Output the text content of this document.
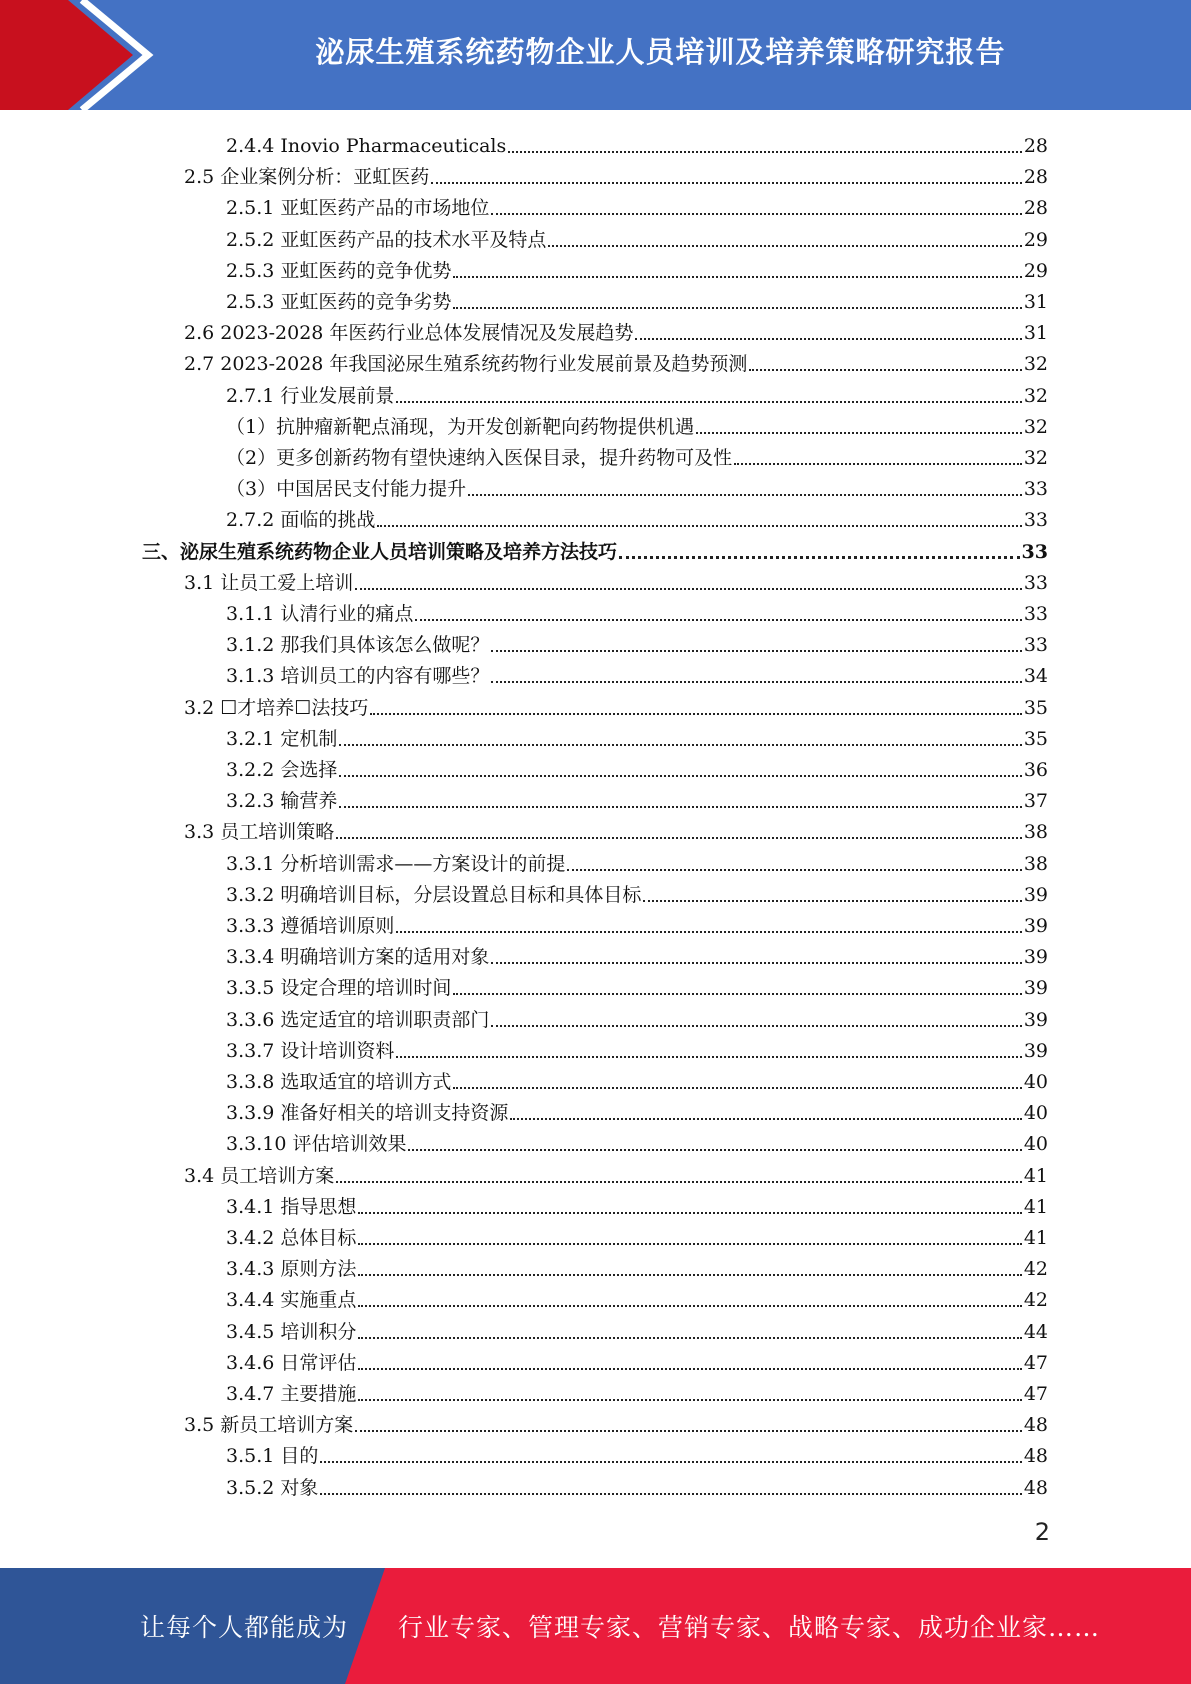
泌尿生殖系统药物企业人员培训及培养策略研究报告
2.4.4 Inovio Pharmaceuticals	28
2.5 企业案例分析：亚虹医药	28
2.5.1 亚虹医药产品的市场地位	28
2.5.2 亚虹医药产品的技术水平及特点	29
2.5.3 亚虹医药的竞争优势	29
2.5.3 亚虹医药的竞争劣势	31
2.6 2023-2028 年医药行业总体发展情况及发展趋势	31
2.7 2023-2028 年我国泌尿生殖系统药物行业发展前景及趋势预测	32
2.7.1 行业发展前景	32
（1）抗肿瘤新靶点涌现，为开发创新靶向药物提供机遇	32
（2）更多创新药物有望快速纳入医保目录，提升药物可及性	32
（3）中国居民支付能力提升	33
2.7.2 面临的挑战	33
三、泌尿生殖系统药物企业人员培训策略及培养方法技巧	33
3.1 让员工爱上培训	33
3.1.1 认清行业的痛点	33
3.1.2 那我们具体该怎么做呢？	33
3.1.3 培训员工的内容有哪些？	34
3.2 ☐才培养☐法技巧	35
3.2.1 定机制	35
3.2.2 会选择	36
3.2.3 输营养	37
3.3 员工培训策略	38
3.3.1 分析培训需求——方案设计的前提	38
3.3.2 明确培训目标，分层设置总目标和具体目标	39
3.3.3 遵循培训原则	39
3.3.4 明确培训方案的适用对象	39
3.3.5 设定合理的培训时间	39
3.3.6 选定适宜的培训职责部门	39
3.3.7 设计培训资料	39
3.3.8 选取适宜的培训方式	40
3.3.9 准备好相关的培训支持资源	40
3.3.10 评估培训效果	40
3.4 员工培训方案	41
3.4.1 指导思想	41
3.4.2 总体目标	41
3.4.3 原则方法	42
3.4.4 实施重点	42
3.4.5 培训积分	44
3.4.6 日常评估	47
3.4.7 主要措施	47
3.5 新员工培训方案	48
3.5.1 目的	48
3.5.2 对象	48
2
让每个人都能成为 行业专家、管理专家、营销专家、战略专家、成功企业家……
